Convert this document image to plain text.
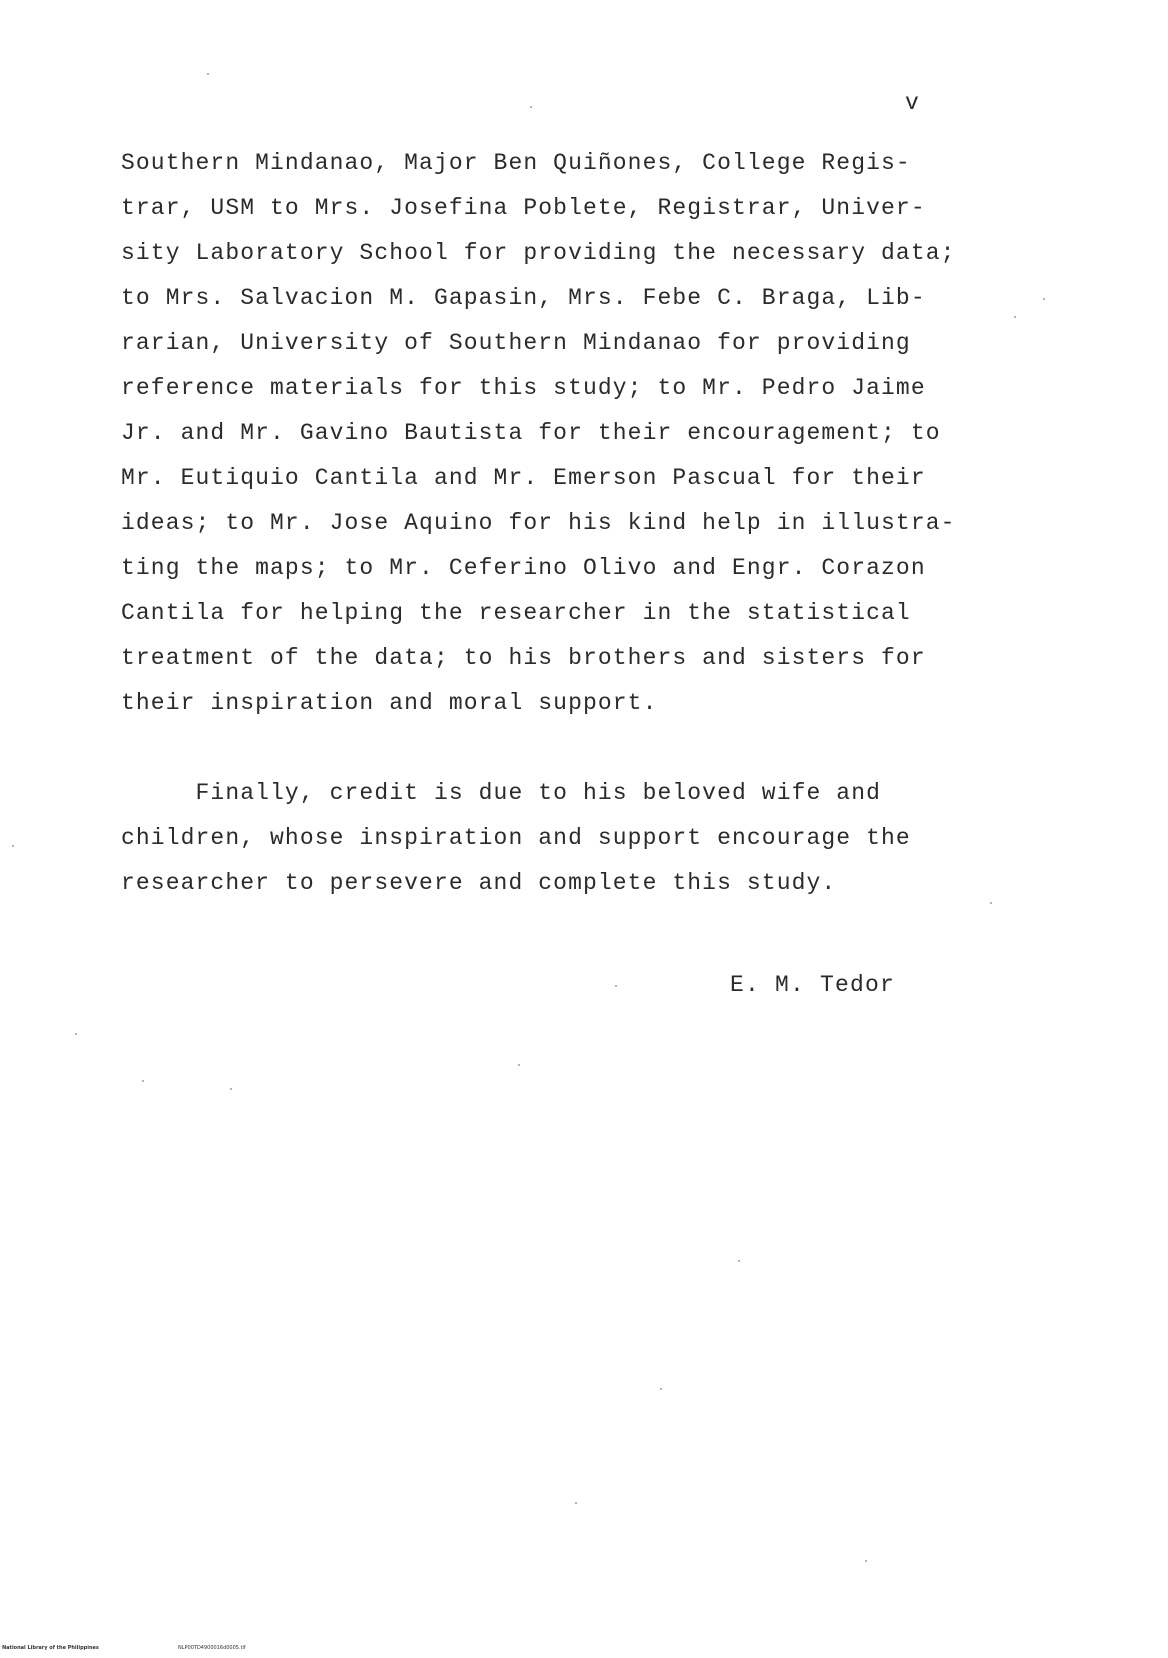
v
Southern Mindanao, Major Ben Quiñones, College Regis-
trar, USM to Mrs. Josefina Poblete, Registrar, Univer-
sity Laboratory School for providing the necessary data;
to Mrs. Salvacion M. Gapasin, Mrs. Febe C. Braga, Lib-
rarian, University of Southern Mindanao for providing
reference materials for this study; to Mr. Pedro Jaime
Jr. and Mr. Gavino Bautista for their encouragement; to
Mr. Eutiquio Cantila and Mr. Emerson Pascual for their
ideas; to Mr. Jose Aquino for his kind help in illustra-
ting the maps; to Mr. Ceferino Olivo and Engr. Corazon
Cantila for helping the researcher in the statistical
treatment of the data; to his brothers and sisters for
their inspiration and moral support.
Finally, credit is due to his beloved wife and
children, whose inspiration and support encourage the
researcher to persevere and complete this study.
E. M. Tedor
National Library of the Philippines	NLP00TD4900016d0005.tif
